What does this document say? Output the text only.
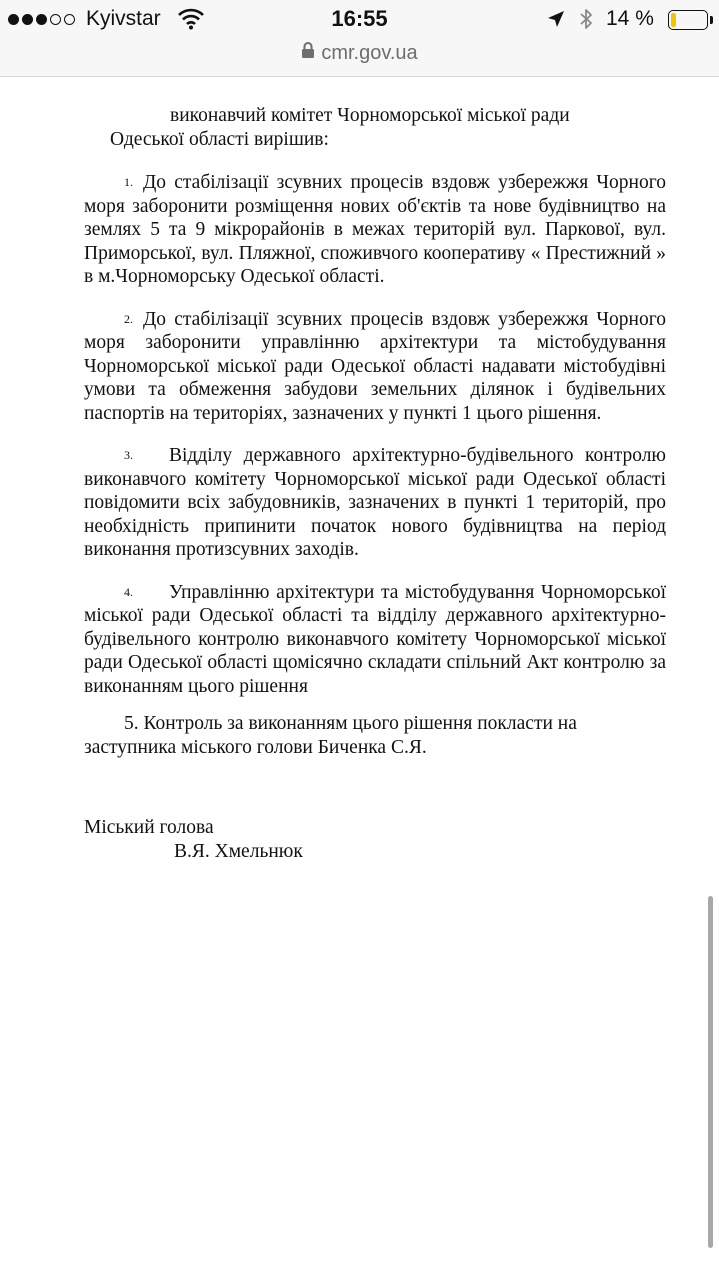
Kyivstar	16:55	14 %
cmr.gov.ua
виконавчий комітет Чорноморської міської ради
Одеської області вирішив:
1. До стабілізації зсувних процесів вздовж узбережжя Чорного моря заборонити розміщення нових об'єктів та нове будівництво на землях 5 та 9 мікрорайонів в межах територій вул. Паркової, вул. Приморської, вул. Пляжної, споживчого кооперативу « Престижний » в м.Чорноморську Одеської області.
2. До стабілізації зсувних процесів вздовж узбережжя Чорного моря заборонити управлінню архітектури та містобудування Чорноморської міської ради Одеської області надавати містобудівні умови та обмеження забудови земельних ділянок і будівельних паспортів на територіях, зазначених у пункті 1 цього рішення.
3. Відділу державного архітектурно-будівельного контролю виконавчого комітету Чорноморської міської ради Одеської області повідомити всіх забудовників, зазначених в пункті 1 територій, про необхідність припинити початок нового будівництва на період виконання протизсувних заходів.
4. Управлінню архітектури та містобудування Чорноморської міської ради Одеської області та відділу державного архітектурно-будівельного контролю виконавчого комітету Чорноморської міської ради Одеської області щомісячно складати спільний Акт контролю за виконанням цього рішення
5. Контроль за виконанням цього рішення покласти на заступника міського голови Биченка С.Я.
Міський голова
В.Я. Хмельнюк
